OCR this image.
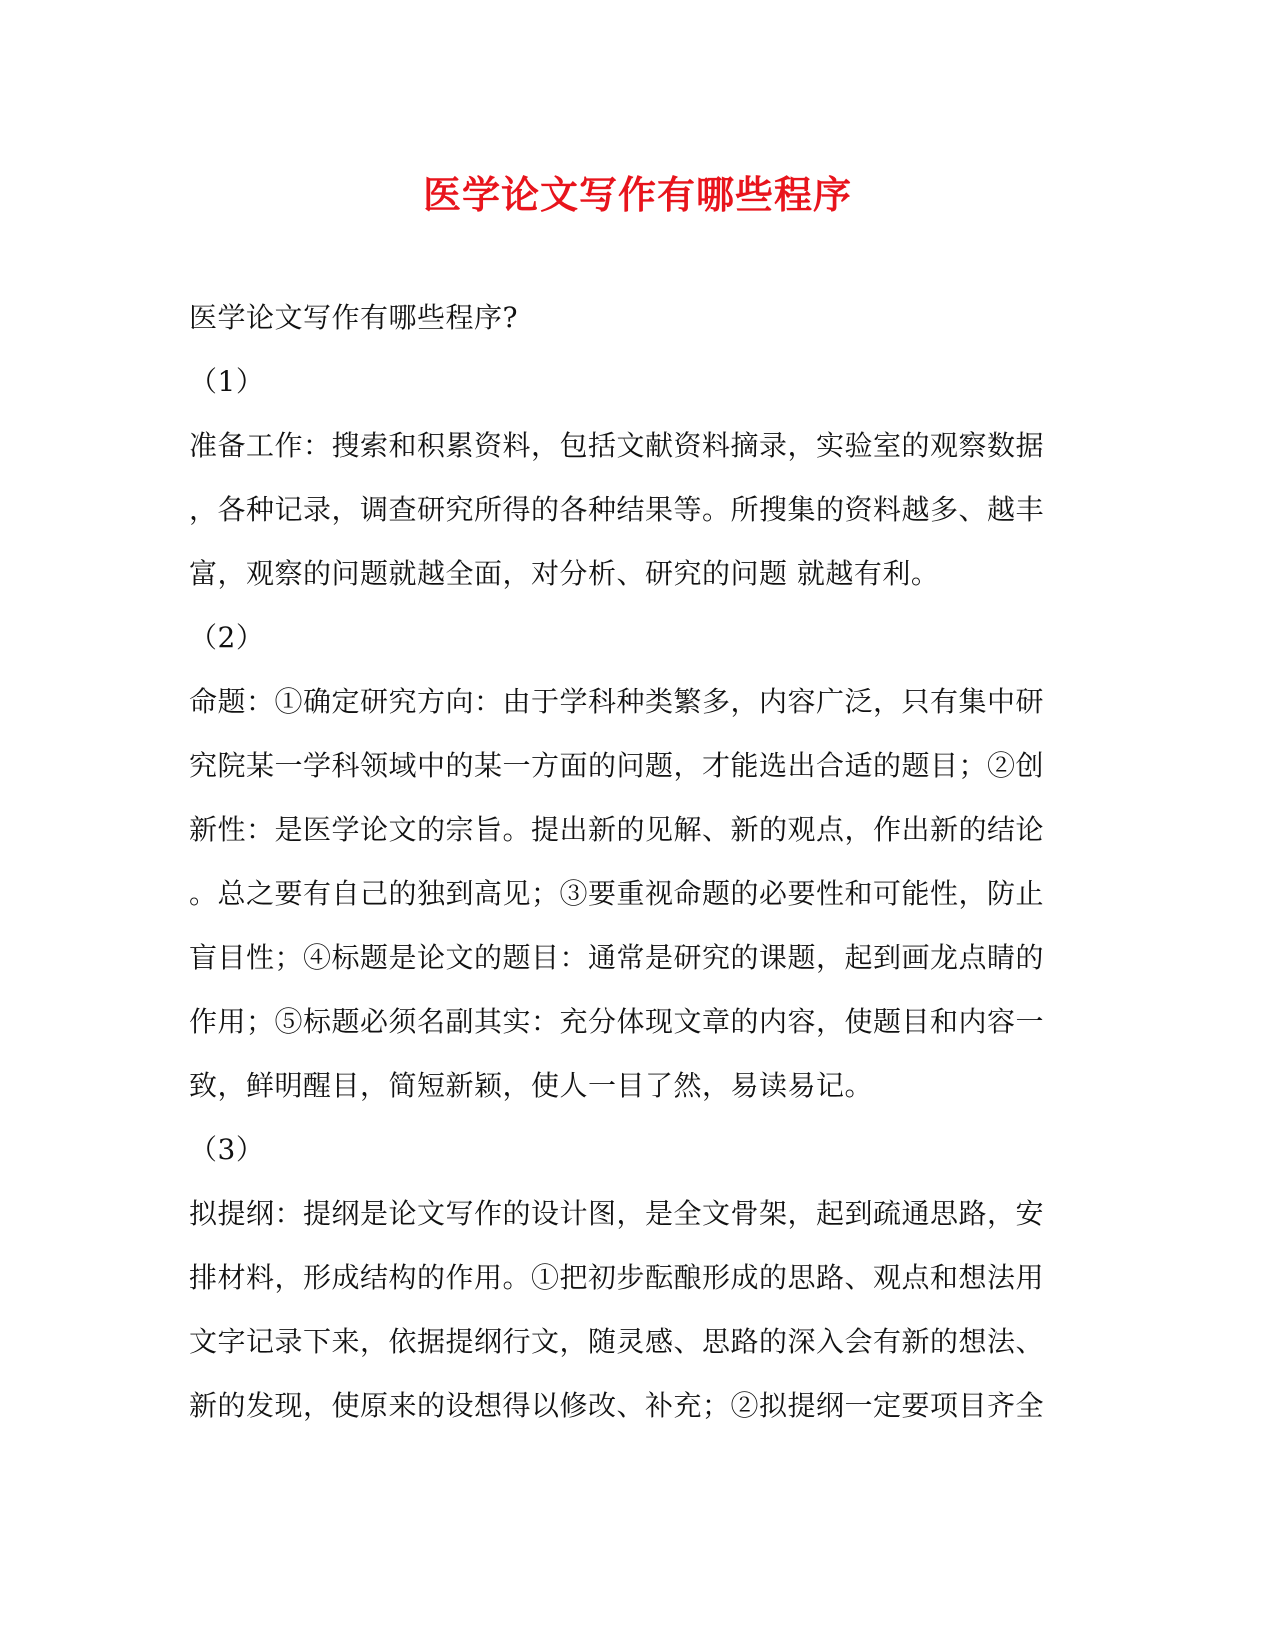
医学论文写作有哪些程序
医学论文写作有哪些程序?
（1）
准备工作：搜索和积累资料，包括文献资料摘录，实验室的观察数据
，各种记录，调查研究所得的各种结果等。所搜集的资料越多、越丰
富，观察的问题就越全面，对分析、研究的问题 就越有利。
（2）
命题：①确定研究方向：由于学科种类繁多，内容广泛，只有集中研
究院某一学科领域中的某一方面的问题，才能选出合适的题目；②创
新性：是医学论文的宗旨。提出新的见解、新的观点，作出新的结论
。总之要有自己的独到高见；③要重视命题的必要性和可能性，防止
盲目性；④标题是论文的题目：通常是研究的课题，起到画龙点睛的
作用；⑤标题必须名副其实：充分体现文章的内容，使题目和内容一
致，鲜明醒目，简短新颖，使人一目了然，易读易记。
（3）
拟提纲：提纲是论文写作的设计图，是全文骨架，起到疏通思路，安
排材料，形成结构的作用。①把初步酝酿形成的思路、观点和想法用
文字记录下来，依据提纲行文，随灵感、思路的深入会有新的想法、
新的发现，使原来的设想得以修改、补充；②拟提纲一定要项目齐全
